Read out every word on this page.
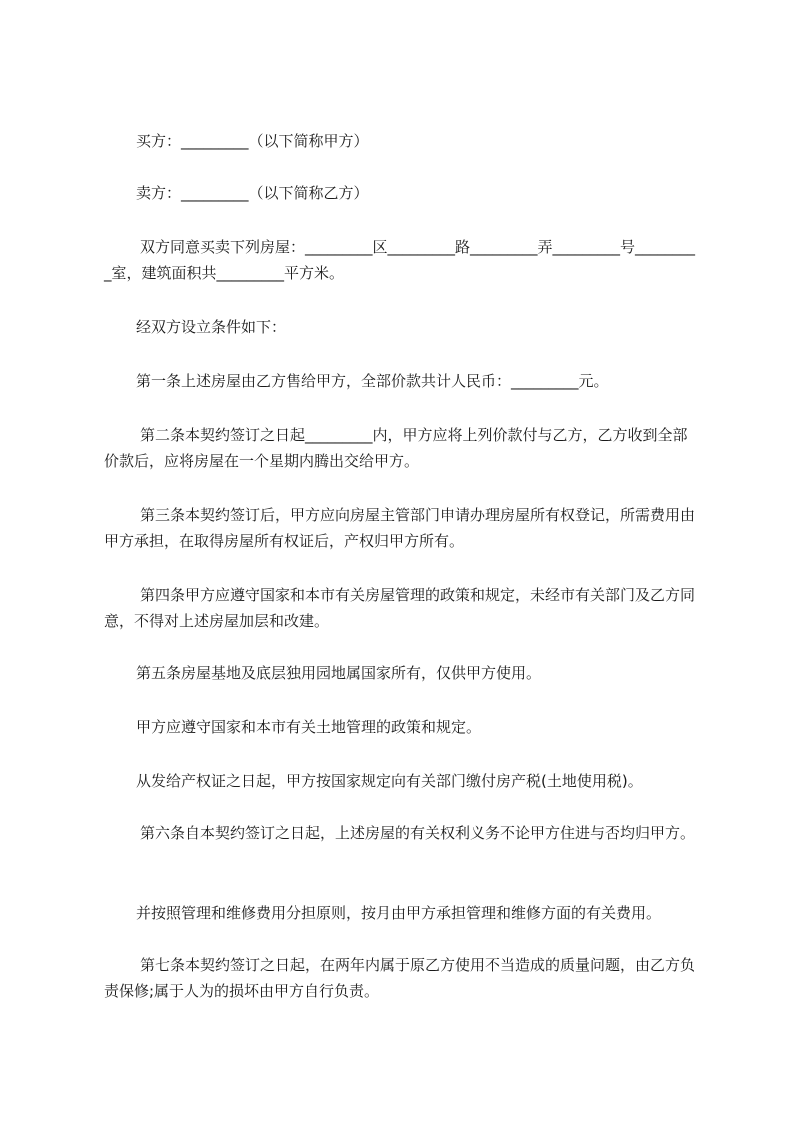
买方：_________（以下简称甲方）

卖方：_________（以下简称乙方）

双方同意买卖下列房屋：_________区_________路_________弄_________号_________室，建筑面积共_________平方米。

经双方设立条件如下：

第一条上述房屋由乙方售给甲方，全部价款共计人民币：_________元。

第二条本契约签订之日起_________内，甲方应将上列价款付与乙方，乙方收到全部价款后，应将房屋在一个星期内腾出交给甲方。

第三条本契约签订后，甲方应向房屋主管部门申请办理房屋所有权登记，所需费用由甲方承担，在取得房屋所有权证后，产权归甲方所有。

第四条甲方应遵守国家和本市有关房屋管理的政策和规定，未经市有关部门及乙方同意，不得对上述房屋加层和改建。

第五条房屋基地及底层独用园地属国家所有，仅供甲方使用。

甲方应遵守国家和本市有关土地管理的政策和规定。

从发给产权证之日起，甲方按国家规定向有关部门缴付房产税(土地使用税)。

第六条自本契约签订之日起，上述房屋的有关权利义务不论甲方住进与否均归甲方。

并按照管理和维修费用分担原则，按月由甲方承担管理和维修方面的有关费用。

第七条本契约签订之日起，在两年内属于原乙方使用不当造成的质量问题，由乙方负责保修;属于人为的损坏由甲方自行负责。
